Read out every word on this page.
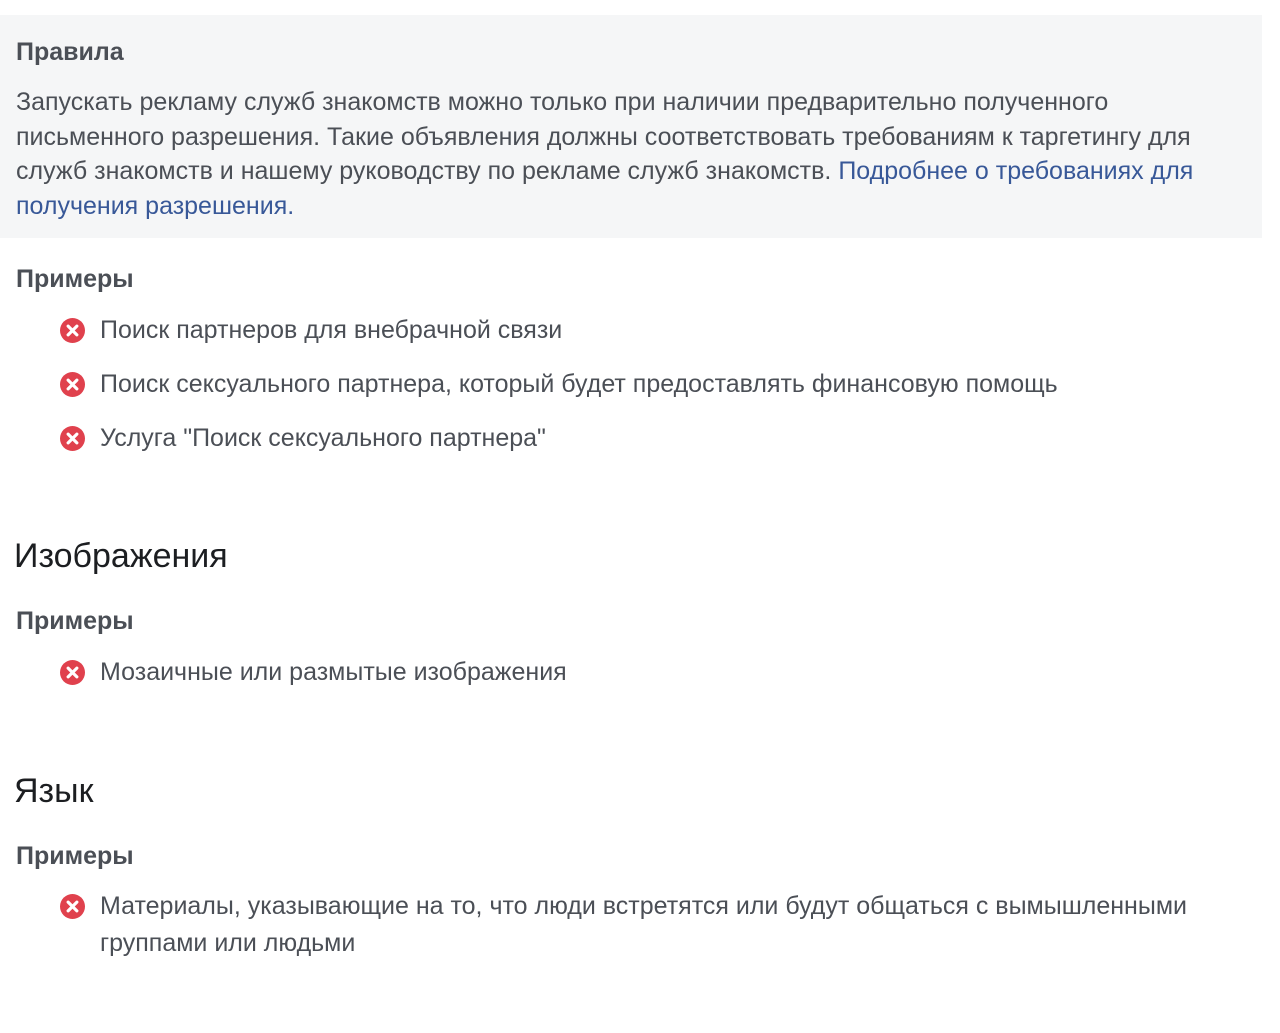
Правила

Запускать рекламу служб знакомств можно только при наличии предварительно полученного
письменного разрешения. Такие объявления должны соответствовать требованиям к таргетингу для
служб знакомств и нашему руководству по рекламе служб знакомств. Подробнее о требованиях для
получения разрешения.

Примеры
Поиск партнеров для внебрачной связи
Поиск сексуального партнера, который будет предоставлять финансовую помощь
Услуга "Поиск сексуального партнера"
Изображения
Примеры
Мозаичные или размытые изображения
Язык
Примеры
Материалы, указывающие на то, что люди встретятся или будут общаться с вымышленными
группами или людьми
